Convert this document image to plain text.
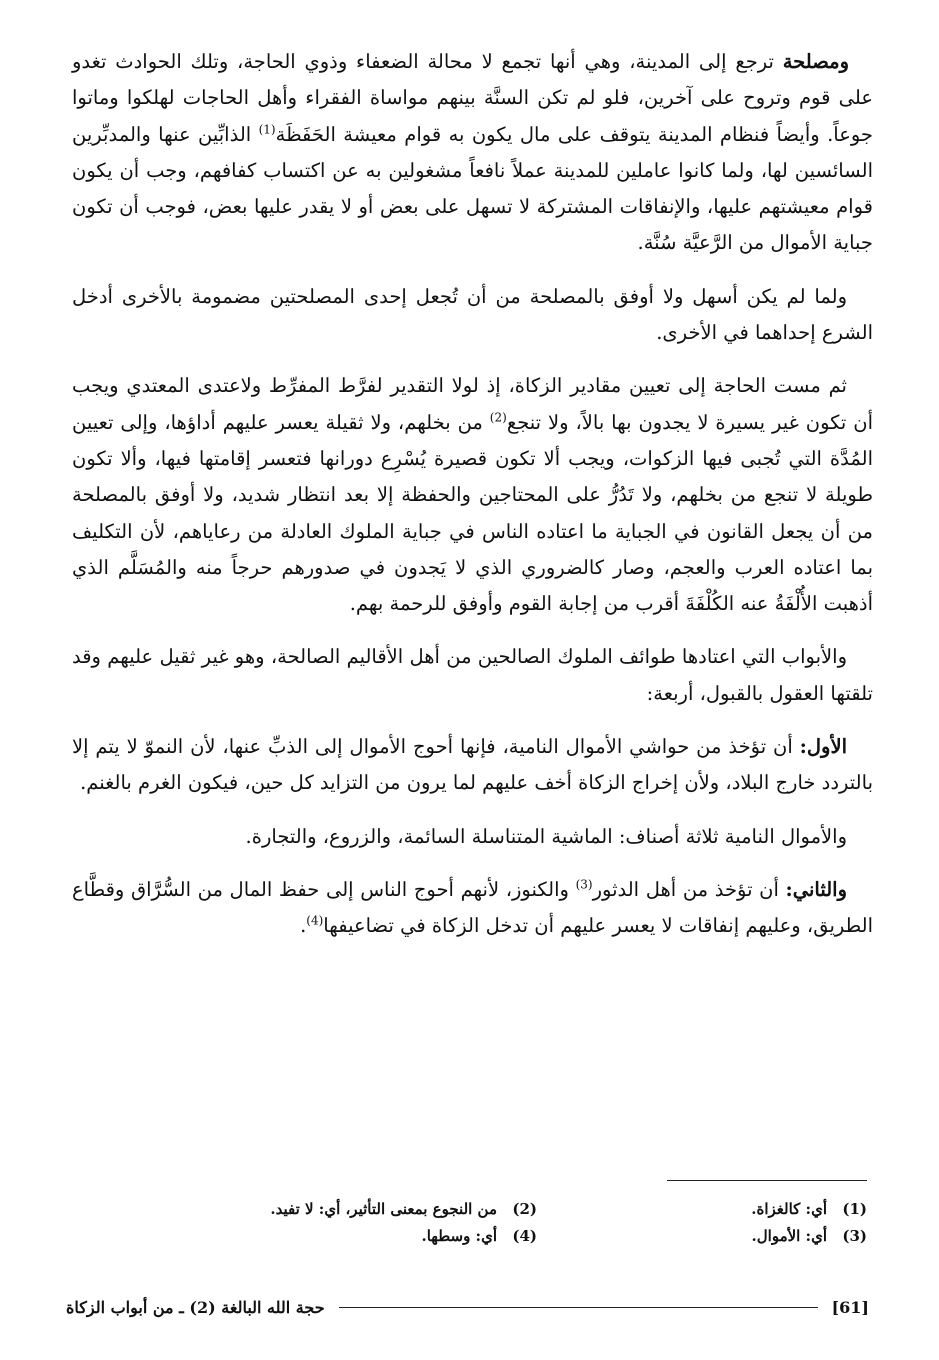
ومصلحة ترجع إلى المدينة، وهي أنها تجمع لا محالة الضعفاء وذوي الحاجة، وتلك الحوادث تغدو على قوم وتروح على آخرين، فلو لم تكن السنَّة بينهم مواساة الفقراء وأهل الحاجات لهلكوا وماتوا جوعاً. وأيضاً فنظام المدينة يتوقف على مال يكون به قوام معيشة الحَفَظَة$^{(1)}$ الذابِّين عنها والمدبِّرين السائسين لها، ولما كانوا عاملين للمدينة عملاً نافعاً مشغولين به عن اكتساب كفافهم، وجب أن يكون قوام معيشتهم عليها، والإنفاقات المشتركة لا تسهل على بعض أو لا يقدر عليها بعض، فوجب أن تكون جباية الأموال من الرَّعيَّة سُنَّة.

ولما لم يكن أسهل ولا أوفق بالمصلحة من أن تُجعل إحدى المصلحتين مضمومة بالأخرى أدخل الشرع إحداهما في الأخرى.

ثم مست الحاجة إلى تعيين مقادير الزكاة، إذ لولا التقدير لفرَّط المفرِّط ولاعتدى المعتدي ويجب أن تكون غير يسيرة لا يجدون بها بالاً، ولا تنجع$^{(2)}$ من بخلهم، ولا ثقيلة يعسر عليهم أداؤها، وإلى تعيين المُدَّة التي تُجبى فيها الزكوات، ويجب ألا تكون قصيرة يُسْرِع دورانها فتعسر إقامتها فيها، وألا تكون طويلة لا تنجع من بخلهم، ولا تَدُرُّ على المحتاجين والحفظة إلا بعد انتظار شديد، ولا أوفق بالمصلحة من أن يجعل القانون في الجباية ما اعتاده الناس في جباية الملوك العادلة من رعاياهم، لأن التكليف بما اعتاده العرب والعجم، وصار كالضروري الذي لا يَجدون في صدورهم حرجاً منه والمُسَلَّم الذي أذهبت الأُلْفَةُ عنه الكُلْفَةَ أقرب من إجابة القوم وأوفق للرحمة بهم.

والأبواب التي اعتادها طوائف الملوك الصالحين من أهل الأقاليم الصالحة، وهو غير ثقيل عليهم وقد تلقتها العقول بالقبول، أربعة:

الأول: أن تؤخذ من حواشي الأموال النامية، فإنها أحوج الأموال إلى الذبِّ عنها، لأن النموّ لا يتم إلا بالتردد خارج البلاد، ولأن إخراج الزكاة أخف عليهم لما يرون من التزايد كل حين، فيكون الغرم بالغنم.

والأموال النامية ثلاثة أصناف: الماشية المتناسلة السائمة، والزروع، والتجارة.

والثاني: أن تؤخذ من أهل الدثور$^{(3)}$ والكنوز، لأنهم أحوج الناس إلى حفظ المال من السُّرَّاق وقطَّاع الطريق، وعليهم إنفاقات لا يعسر عليهم أن تدخل الزكاة في تضاعيفها$^{(4)}$.

(1)
أي: كالغزاة.
(2)
من النجوع بمعنى التأثير، أي: لا تفيد.
(3)
أي: الأموال.
(4)
أي: وسطها.
[61]
حجة الله البالغة (2) ـ من أبواب الزكاة
